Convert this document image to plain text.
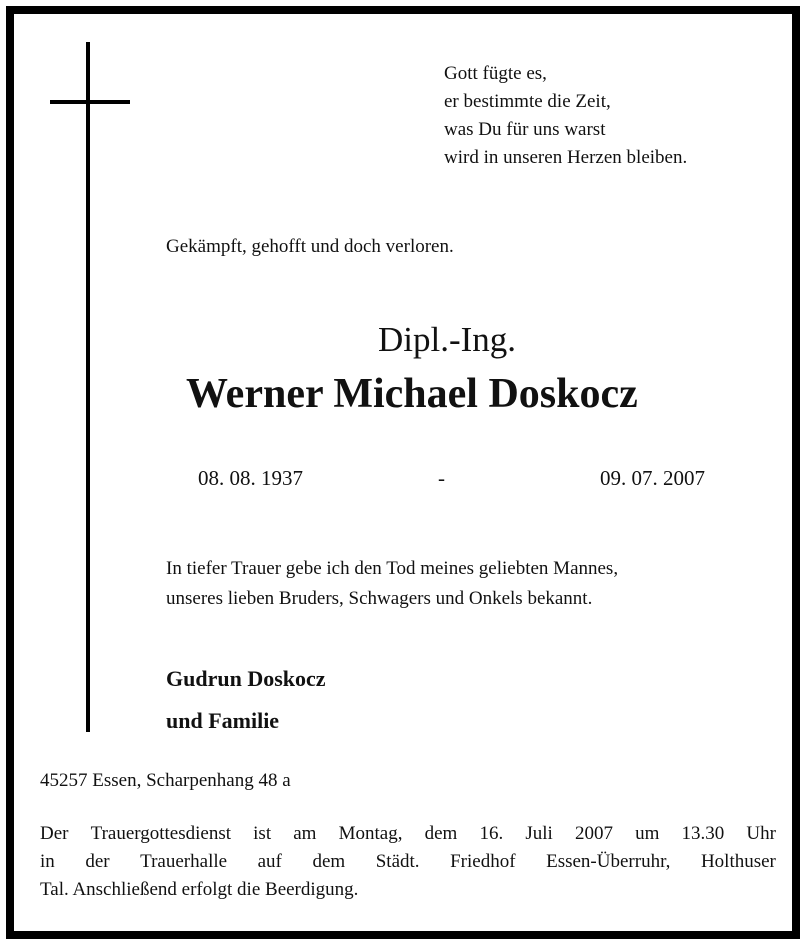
Gott fügte es,
er bestimmte die Zeit,
was Du für uns warst
wird in unseren Herzen bleiben.
Gekämpft, gehofft und doch verloren.
Dipl.-Ing.
Werner Michael Doskocz
08. 08. 1937	-	09. 07. 2007
In tiefer Trauer gebe ich den Tod meines geliebten Mannes,
unseres lieben Bruders, Schwagers und Onkels bekannt.
Gudrun Doskocz
und Familie
45257 Essen, Scharpenhang 48 a
Der Trauergottesdienst ist am Montag, dem 16. Juli 2007 um 13.30 Uhr
in der Trauerhalle auf dem Städt. Friedhof Essen-Überruhr, Holthuser
Tal. Anschließend erfolgt die Beerdigung.
